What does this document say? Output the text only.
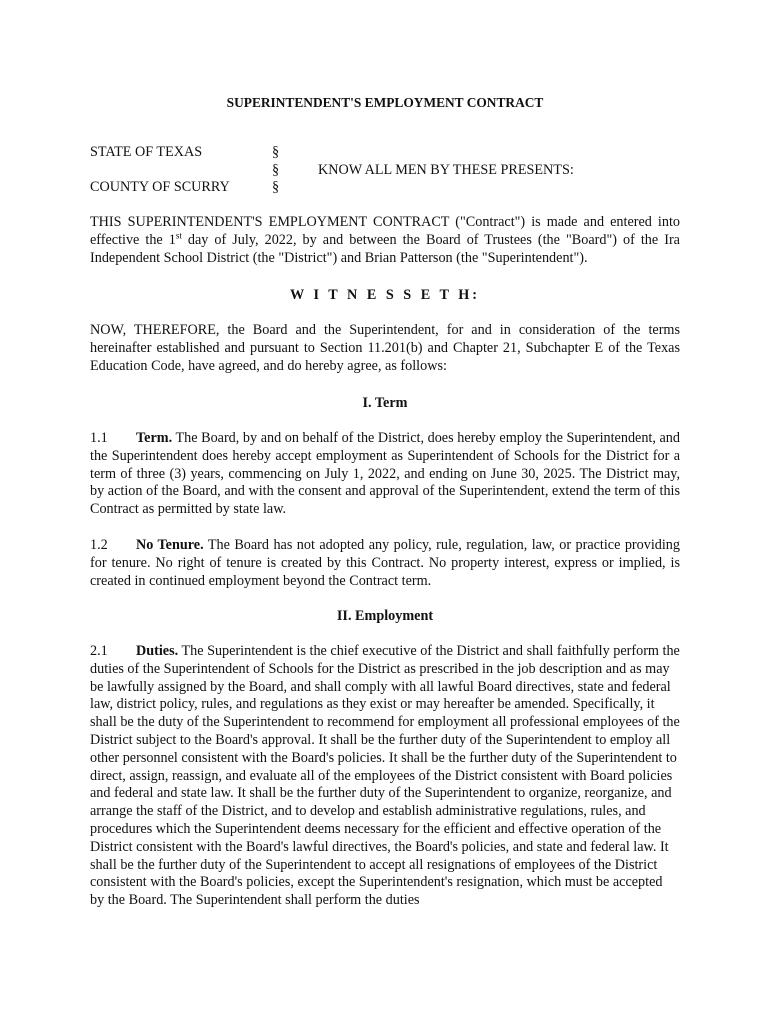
SUPERINTENDENT'S EMPLOYMENT CONTRACT
STATE OF TEXAS
COUNTY OF SCURRY
§
§
§
KNOW ALL MEN BY THESE PRESENTS:

THIS SUPERINTENDENT'S EMPLOYMENT CONTRACT ("Contract") is made and entered into effective the 1st day of July, 2022, by and between the Board of Trustees (the "Board") of the Ira Independent School District (the "District") and Brian Patterson (the "Superintendent").

W I T N E S S E T H:

NOW, THEREFORE, the Board and the Superintendent, for and in consideration of the terms hereinafter established and pursuant to Section 11.201(b) and Chapter 21, Subchapter E of the Texas Education Code, have agreed, and do hereby agree, as follows:

I. Term

1.1 Term. The Board, by and on behalf of the District, does hereby employ the Superintendent, and the Superintendent does hereby accept employment as Superintendent of Schools for the District for a term of three (3) years, commencing on July 1, 2022, and ending on June 30, 2025. The District may, by action of the Board, and with the consent and approval of the Superintendent, extend the term of this Contract as permitted by state law.

1.2 No Tenure. The Board has not adopted any policy, rule, regulation, law, or practice providing for tenure. No right of tenure is created by this Contract. No property interest, express or implied, is created in continued employment beyond the Contract term.

II. Employment

2.1 Duties. The Superintendent is the chief executive of the District and shall faithfully perform the duties of the Superintendent of Schools for the District as prescribed in the job description and as may be lawfully assigned by the Board, and shall comply with all lawful Board directives, state and federal law, district policy, rules, and regulations as they exist or may hereafter be amended. Specifically, it shall be the duty of the Superintendent to recommend for employment all professional employees of the District subject to the Board's approval. It shall be the further duty of the Superintendent to employ all other personnel consistent with the Board's policies. It shall be the further duty of the Superintendent to direct, assign, reassign, and evaluate all of the employees of the District consistent with Board policies and federal and state law. It shall be the further duty of the Superintendent to organize, reorganize, and arrange the staff of the District, and to develop and establish administrative regulations, rules, and procedures which the Superintendent deems necessary for the efficient and effective operation of the District consistent with the Board's lawful directives, the Board's policies, and state and federal law. It shall be the further duty of the Superintendent to accept all resignations of employees of the District consistent with the Board's policies, except the Superintendent's resignation, which must be accepted by the Board. The Superintendent shall perform the duties
